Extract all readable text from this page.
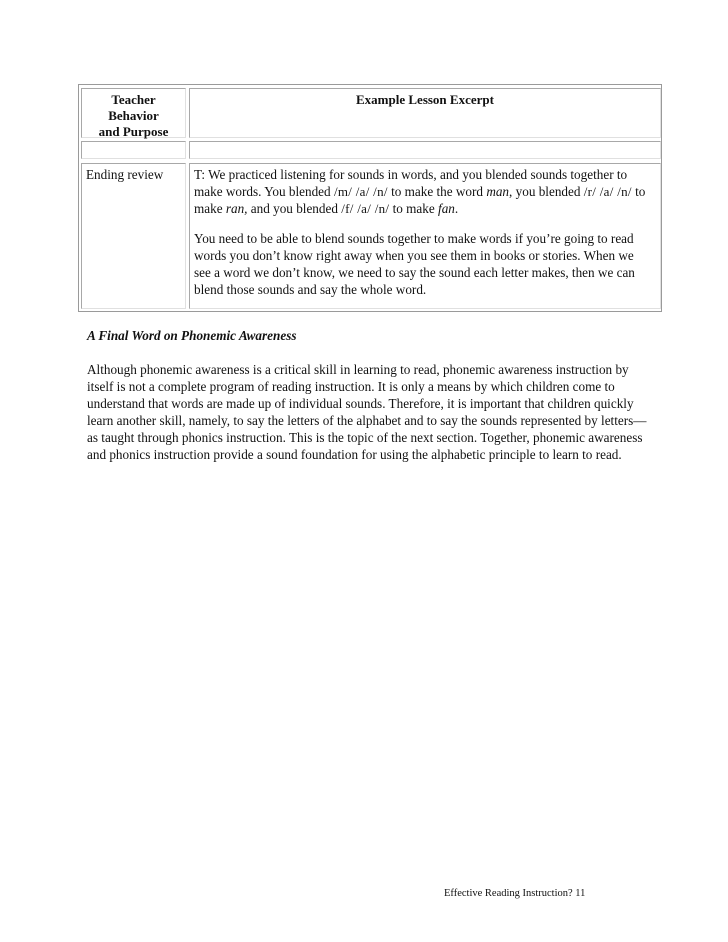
Teacher
Behavior
and Purpose
Example Lesson Excerpt
Ending review	T: We practiced listening for sounds in words, and you blended sounds together to make words. You blended /m/ /a/ /n/ to make the word man, you blended /r/ /a/ /n/ to make ran, and you blended /f/ /a/ /n/ to make fan.

You need to be able to blend sounds together to make words if you’re going to read words you don’t know right away when you see them in books or stories. When we see a word we don’t know, we need to say the sound each letter makes, then we can blend those sounds and say the whole word.

A Final Word on Phonemic Awareness

Although phonemic awareness is a critical skill in learning to read, phonemic awareness instruction by itself is not a complete program of reading instruction. It is only a means by which children come to understand that words are made up of individual sounds. Therefore, it is important that children quickly learn another skill, namely, to say the letters of the alphabet and to say the sounds represented by letters—as taught through phonics instruction. This is the topic of the next section. Together, phonemic awareness and phonics instruction provide a sound foundation for using the alphabetic principle to learn to read.

Effective Reading Instruction? 11
